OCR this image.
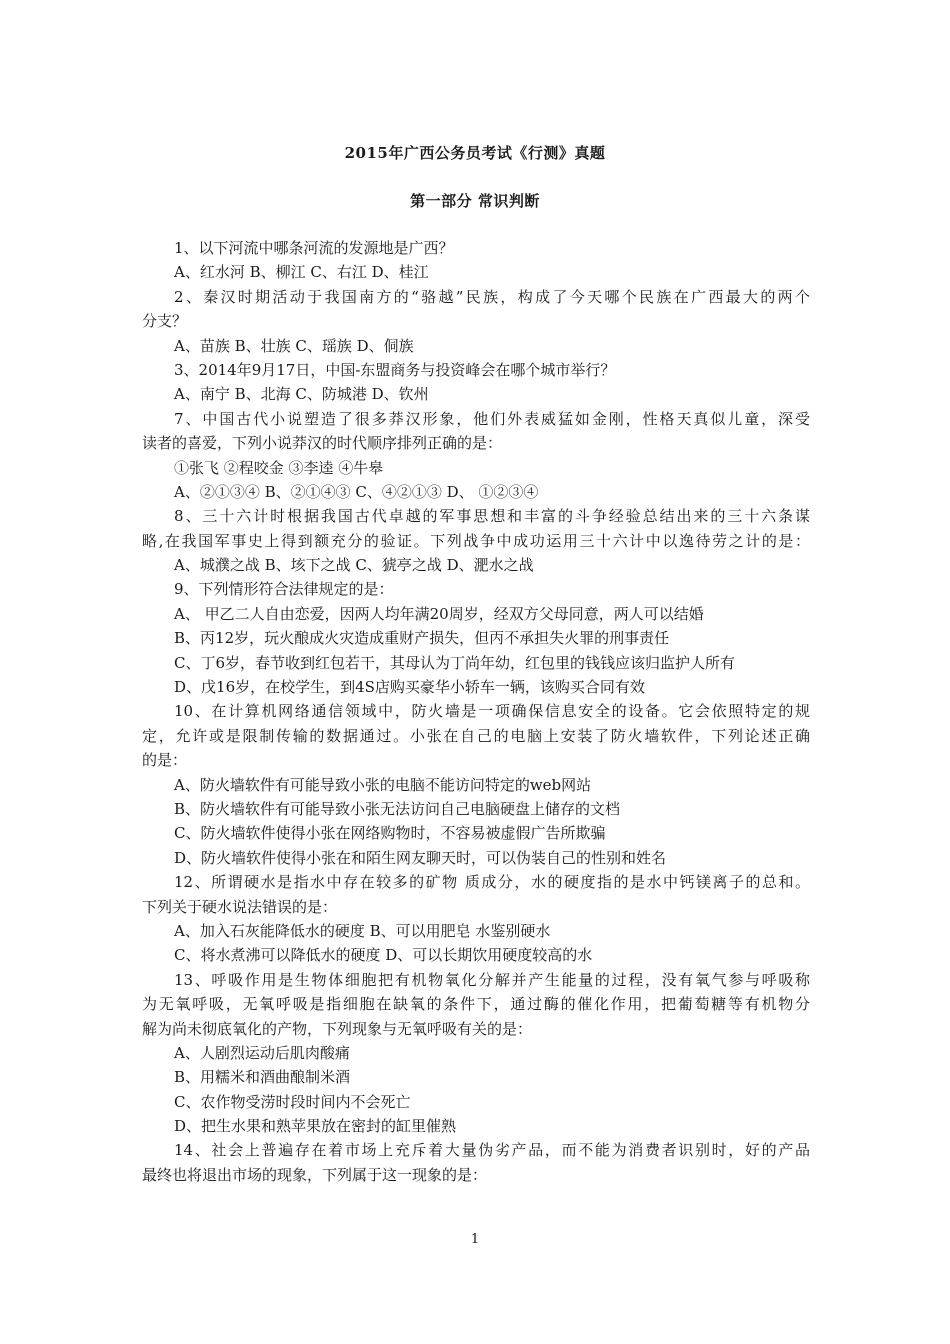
2015年广西公务员考试《行测》真题
第一部分 常识判断
1、以下河流中哪条河流的发源地是广西？
A、红水河 B、柳江 C、右江 D、桂江
2、秦汉时期活动于我国南方的“骆越”民族，构成了今天哪个民族在广西最大的两个
分支？
A、苗族 B、壮族 C、瑶族 D、侗族
3、2014年9月17日，中国-东盟商务与投资峰会在哪个城市举行？
A、南宁 B、北海 C、防城港 D、钦州
7、中国古代小说塑造了很多莽汉形象，他们外表威猛如金刚，性格天真似儿童，深受
读者的喜爱，下列小说莽汉的时代顺序排列正确的是：
①张飞 ②程咬金 ③李逵 ④牛皋
A、②①③④ B、②①④③ C、④②①③ D、 ①②③④
8、三十六计时根据我国古代卓越的军事思想和丰富的斗争经验总结出来的三十六条谋
略,在我国军事史上得到额充分的验证。下列战争中成功运用三十六计中以逸待劳之计的是：
A、城濮之战 B、垓下之战 C、猇亭之战 D、淝水之战
9、下列情形符合法律规定的是：
A、 甲乙二人自由恋爱，因两人均年满20周岁，经双方父母同意，两人可以结婚
B、丙12岁，玩火酿成火灾造成重财产损失，但丙不承担失火罪的刑事责任
C、丁6岁，春节收到红包若干，其母认为丁尚年幼，红包里的钱钱应该归监护人所有
D、戊16岁，在校学生，到4S店购买豪华小轿车一辆，该购买合同有效
10、在计算机网络通信领域中，防火墙是一项确保信息安全的设备。它会依照特定的规
定，允许或是限制传输的数据通过。小张在自己的电脑上安装了防火墙软件，下列论述正确
的是：
A、防火墙软件有可能导致小张的电脑不能访问特定的web网站
B、防火墙软件有可能导致小张无法访问自己电脑硬盘上储存的文档
C、防火墙软件使得小张在网络购物时，不容易被虚假广告所欺骗
D、防火墙软件使得小张在和陌生网友聊天时，可以伪装自己的性别和姓名
12、所谓硬水是指水中存在较多的矿物 质成分，水的硬度指的是水中钙镁离子的总和。
下列关于硬水说法错误的是：
A、加入石灰能降低水的硬度 B、可以用肥皂 水鉴别硬水
C、将水煮沸可以降低水的硬度 D、可以长期饮用硬度较高的水
13、呼吸作用是生物体细胞把有机物氧化分解并产生能量的过程，没有氧气参与呼吸称
为无氧呼吸，无氧呼吸是指细胞在缺氧的条件下，通过酶的催化作用，把葡萄糖等有机物分
解为尚未彻底氧化的产物，下列现象与无氧呼吸有关的是：
A、人剧烈运动后肌肉酸痛
B、用糯米和酒曲酿制米酒
C、农作物受涝时段时间内不会死亡
D、把生水果和熟苹果放在密封的缸里催熟
14、社会上普遍存在着市场上充斥着大量伪劣产品，而不能为消费者识别时，好的产品
最终也将退出市场的现象，下列属于这一现象的是：
1
